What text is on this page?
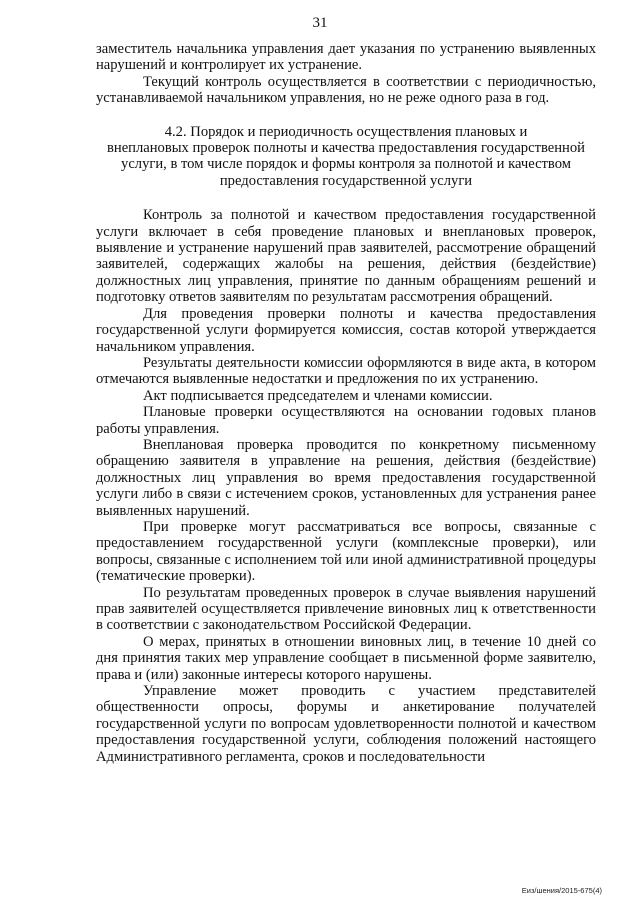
31

заместитель начальника управления дает указания по устранению выявленных нарушений и контролирует их устранение.

Текущий контроль осуществляется в соответствии с периодичностью, устанавливаемой начальником управления, но не реже одного раза в год.

4.2. Порядок и периодичность осуществления плановых и
внеплановых проверок полноты и качества предоставления государственной
услуги, в том числе порядок и формы контроля за полнотой и качеством
предоставления государственной услуги

Контроль за полнотой и качеством предоставления государственной услуги включает в себя проведение плановых и внеплановых проверок, выявление и устранение нарушений прав заявителей, рассмотрение обращений заявителей, содержащих жалобы на решения, действия (бездействие) должностных лиц управления, принятие по данным обращениям решений и подготовку ответов заявителям по результатам рассмотрения обращений.

Для проведения проверки полноты и качества предоставления государственной услуги формируется комиссия, состав которой утверждается начальником управления.

Результаты деятельности комиссии оформляются в виде акта, в котором отмечаются выявленные недостатки и предложения по их устранению.

Акт подписывается председателем и членами комиссии.

Плановые проверки осуществляются на основании годовых планов работы управления.

Внеплановая проверка проводится по конкретному письменному обращению заявителя в управление на решения, действия (бездействие) должностных лиц управления во время предоставления государственной услуги либо в связи с истечением сроков, установленных для устранения ранее выявленных нарушений.

При проверке могут рассматриваться все вопросы, связанные с предоставлением государственной услуги (комплексные проверки), или вопросы, связанные с исполнением той или иной административной процедуры (тематические проверки).

По результатам проведенных проверок в случае выявления нарушений прав заявителей осуществляется привлечение виновных лиц к ответственности в соответствии с законодательством Российской Федерации.

О мерах, принятых в отношении виновных лиц, в течение 10 дней со дня принятия таких мер управление сообщает в письменной форме заявителю, права и (или) законные интересы которого нарушены.

Управление может проводить с участием представителей общественности опросы, форумы и анкетирование получателей государственной услуги по вопросам удовлетворенности полнотой и качеством предоставления государственной услуги, соблюдения положений настоящего Административного регламента, сроков и последовательности

Еиз/шения/2015-675(4)
